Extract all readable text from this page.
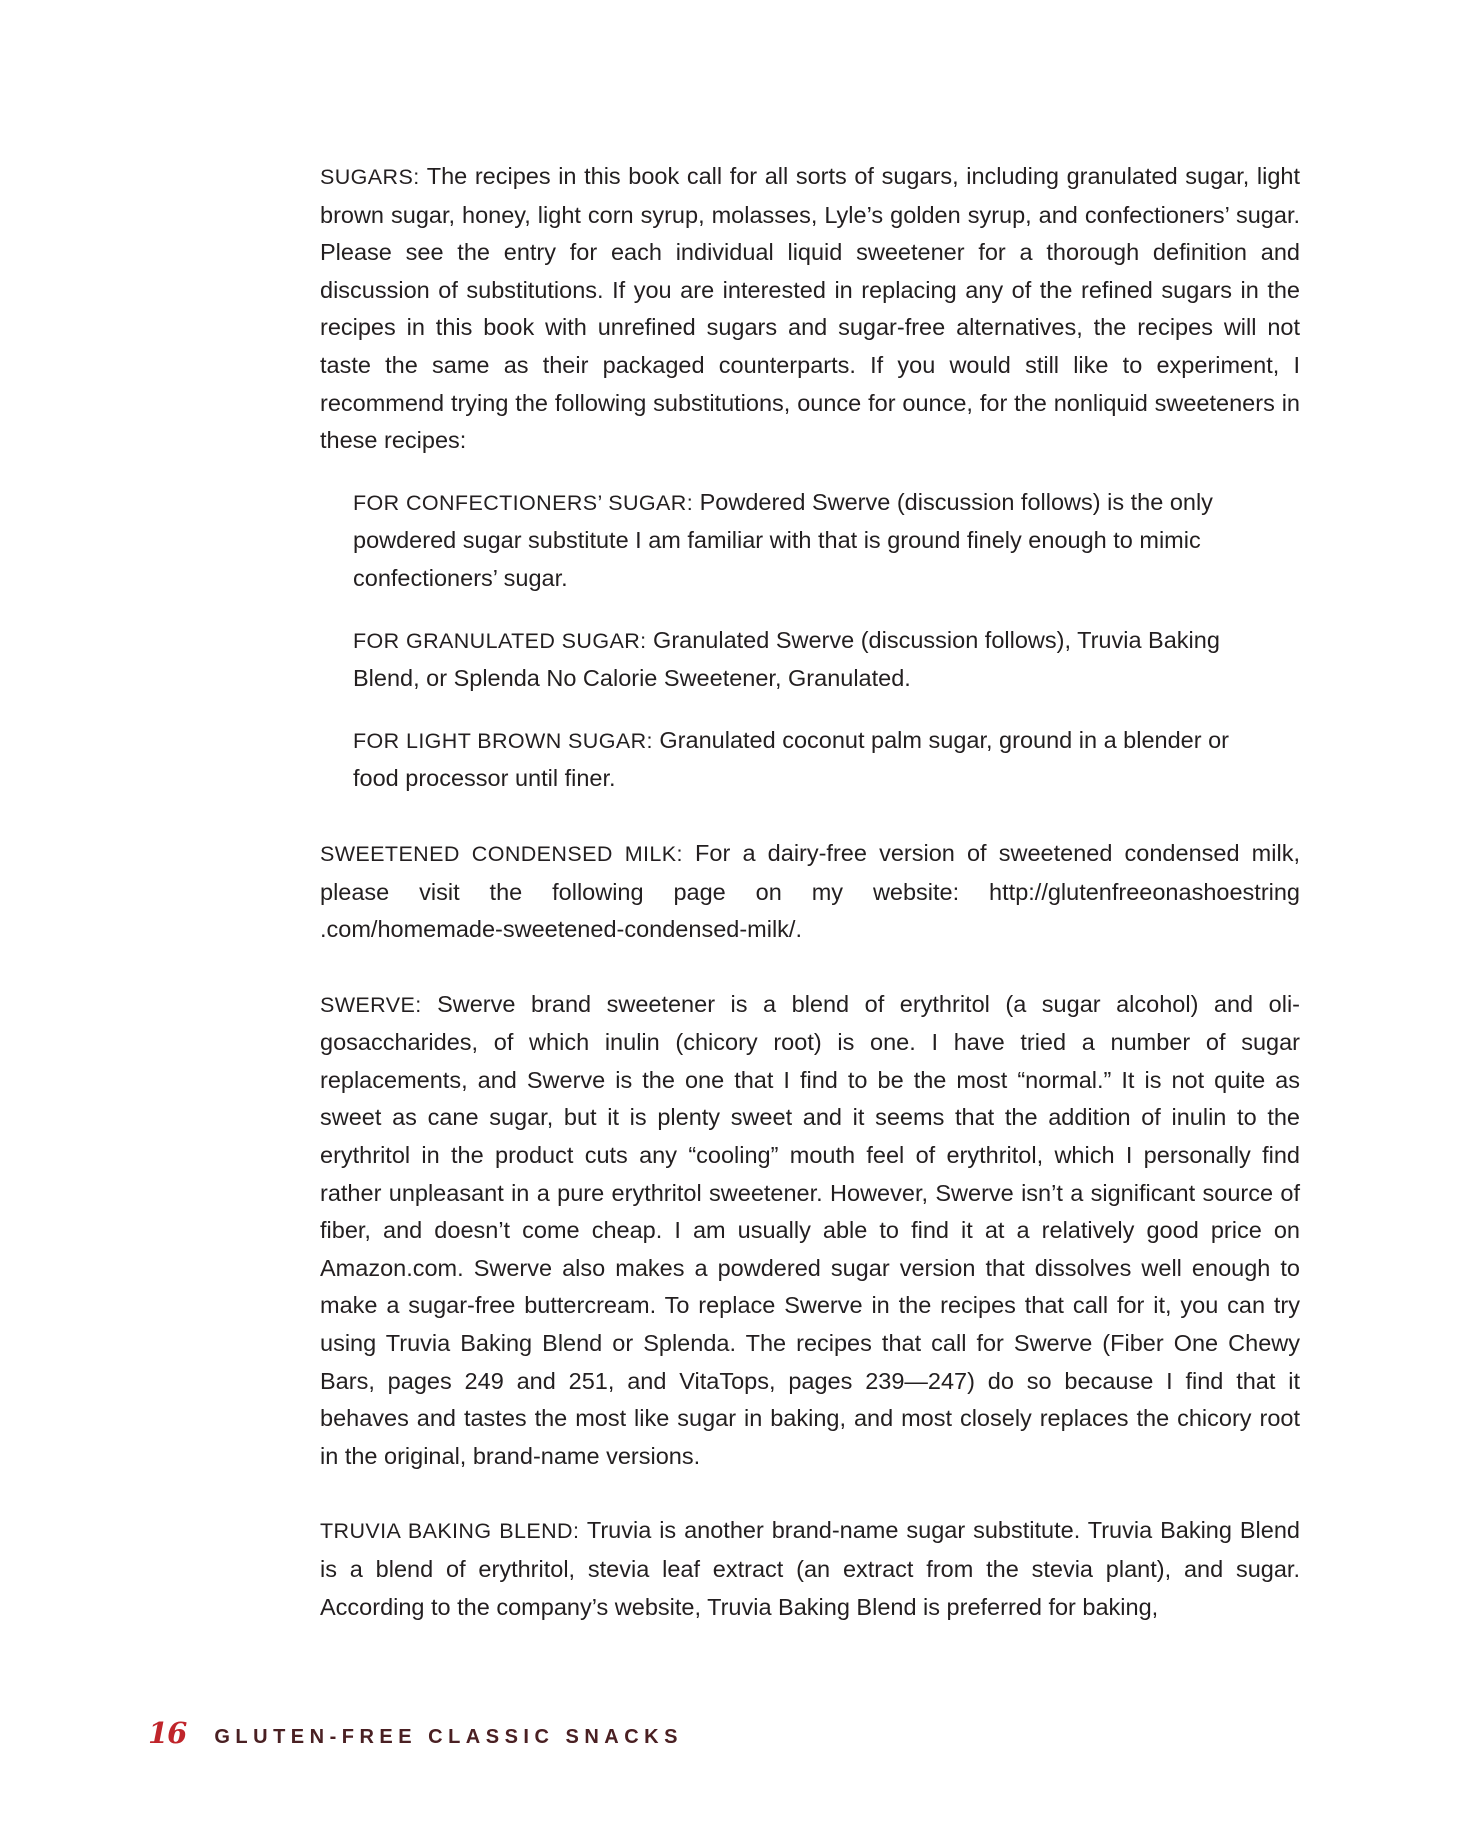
SUGARS: The recipes in this book call for all sorts of sugars, including granulated sugar, light brown sugar, honey, light corn syrup, molasses, Lyle’s golden syrup, and confectioners’ sugar. Please see the entry for each individual liquid sweetener for a thorough definition and discussion of substitutions. If you are interested in replacing any of the refined sugars in the recipes in this book with unrefined sugars and sugar-free alternatives, the recipes will not taste the same as their packaged counterparts. If you would still like to experiment, I recommend trying the following substitutions, ounce for ounce, for the nonliquid sweeteners in these recipes:

FOR CONFECTIONERS’ SUGAR: Powdered Swerve (discussion follows) is the only powdered sugar substitute I am familiar with that is ground finely enough to mimic confectioners’ sugar.

FOR GRANULATED SUGAR: Granulated Swerve (discussion follows), Truvia Baking Blend, or Splenda No Calorie Sweetener, Granulated.

FOR LIGHT BROWN SUGAR: Granulated coconut palm sugar, ground in a blender or food processor until finer.

SWEETENED CONDENSED MILK: For a dairy-free version of sweetened condensed milk, please visit the following page on my website: http://glutenfreeonashoestring .com/homemade-sweetened-condensed-milk/.

SWERVE: Swerve brand sweetener is a blend of erythritol (a sugar alcohol) and oligosaccharides, of which inulin (chicory root) is one. I have tried a number of sugar replacements, and Swerve is the one that I find to be the most “normal.” It is not quite as sweet as cane sugar, but it is plenty sweet and it seems that the addition of inulin to the erythritol in the product cuts any “cooling” mouth feel of erythritol, which I personally find rather unpleasant in a pure erythritol sweetener. However, Swerve isn’t a significant source of fiber, and doesn’t come cheap. I am usually able to find it at a relatively good price on Amazon.com. Swerve also makes a powdered sugar version that dissolves well enough to make a sugar-free buttercream. To replace Swerve in the recipes that call for it, you can try using Truvia Baking Blend or Splenda. The recipes that call for Swerve (Fiber One Chewy Bars, pages 249 and 251, and VitaTops, pages 239—247) do so because I find that it behaves and tastes the most like sugar in baking, and most closely replaces the chicory root in the original, brand-name versions.

TRUVIA BAKING BLEND: Truvia is another brand-name sugar substitute. Truvia Baking Blend is a blend of erythritol, stevia leaf extract (an extract from the stevia plant), and sugar. According to the company’s website, Truvia Baking Blend is preferred for baking,

16 GLUTEN-FREE CLASSIC SNACKS
